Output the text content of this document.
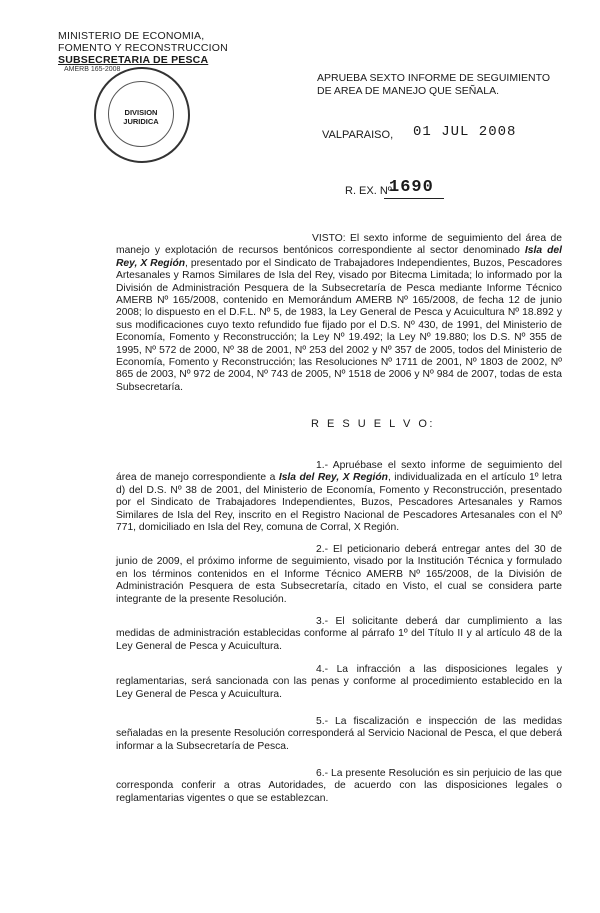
MINISTERIO DE ECONOMIA,
FOMENTO Y RECONSTRUCCION
SUBSECRETARIA DE PESCA
AMERB 165-2008
DIVISION JURIDICA
APRUEBA SEXTO INFORME DE SEGUIMIENTO DE AREA DE MANEJO QUE SEÑALA.
VALPARAISO, 01 JUL 2008
R. EX. Nº
1690

VISTO: El sexto informe de seguimiento del área de manejo y explotación de recursos bentónicos correspondiente al sector denominado Isla del Rey, X Región, presentado por el Sindicato de Trabajadores Independientes, Buzos, Pescadores Artesanales y Ramos Similares de Isla del Rey, visado por Bitecma Limitada; lo informado por la División de Administración Pesquera de la Subsecretaría de Pesca mediante Informe Técnico AMERB Nº 165/2008, contenido en Memorándum AMERB Nº 165/2008, de fecha 12 de junio 2008; lo dispuesto en el D.F.L. Nº 5, de 1983, la Ley General de Pesca y Acuicultura Nº 18.892 y sus modificaciones cuyo texto refundido fue fijado por el D.S. Nº 430, de 1991, del Ministerio de Economía, Fomento y Reconstrucción; la Ley Nº 19.492; la Ley Nº 19.880; los D.S. Nº 355 de 1995, Nº 572 de 2000, Nº 38 de 2001, Nº 253 del 2002 y Nº 357 de 2005, todos del Ministerio de Economía, Fomento y Reconstrucción; las Resoluciones Nº 1711 de 2001, Nº 1803 de 2002, Nº 865 de 2003, Nº 972 de 2004, Nº 743 de 2005, Nº 1518 de 2006 y Nº 984 de 2007, todas de esta Subsecretaría.

R E S U E L V O:

1.- Apruébase el sexto informe de seguimiento del área de manejo correspondiente a Isla del Rey, X Región, individualizada en el artículo 1º letra d) del D.S. Nº 38 de 2001, del Ministerio de Economía, Fomento y Reconstrucción, presentado por el Sindicato de Trabajadores Independientes, Buzos, Pescadores Artesanales y Ramos Similares de Isla del Rey, inscrito en el Registro Nacional de Pescadores Artesanales con el Nº 771, domiciliado en Isla del Rey, comuna de Corral, X Región.

2.- El peticionario deberá entregar antes del 30 de junio de 2009, el próximo informe de seguimiento, visado por la Institución Técnica y formulado en los términos contenidos en el Informe Técnico AMERB Nº 165/2008, de la División de Administración Pesquera de esta Subsecretaría, citado en Visto, el cual se considera parte integrante de la presente Resolución.

3.- El solicitante deberá dar cumplimiento a las medidas de administración establecidas conforme al párrafo 1º del Título II y al artículo 48 de la Ley General de Pesca y Acuicultura.

4.- La infracción a las disposiciones legales y reglamentarias, será sancionada con las penas y conforme al procedimiento establecido en la Ley General de Pesca y Acuicultura.

5.- La fiscalización e inspección de las medidas señaladas en la presente Resolución corresponderá al Servicio Nacional de Pesca, el que deberá informar a la Subsecretaría de Pesca.

6.- La presente Resolución es sin perjuicio de las que corresponda conferir a otras Autoridades, de acuerdo con las disposiciones legales o reglamentarias vigentes o que se establezcan.
